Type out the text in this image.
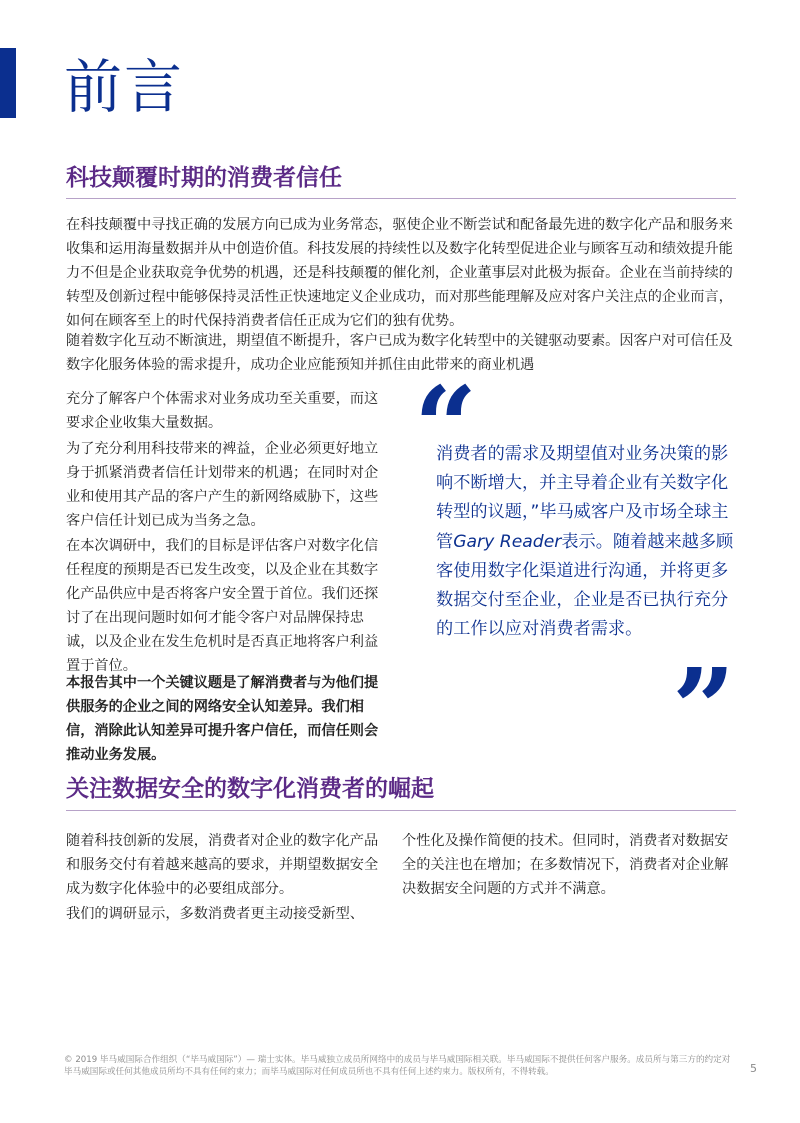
前言
科技颠覆时期的消费者信任

在科技颠覆中寻找正确的发展方向已成为业务常态，驱使企业不断尝试和配备最先进的数字化产品和服务来收集和运用海量数据并从中创造价值。科技发展的持续性以及数字化转型促进企业与顾客互动和绩效提升能力不但是企业获取竞争优势的机遇，还是科技颠覆的催化剂，企业董事层对此极为振奋。企业在当前持续的转型及创新过程中能够保持灵活性正快速地定义企业成功，而对那些能理解及应对客户关注点的企业而言，如何在顾客至上的时代保持消费者信任正成为它们的独有优势。

随着数字化互动不断演进，期望值不断提升，客户已成为数字化转型中的关键驱动要素。因客户对可信任及数字化服务体验的需求提升，成功企业应能预知并抓住由此带来的商业机遇

充分了解客户个体需求对业务成功至关重要，而这要求企业收集大量数据。

为了充分利用科技带来的裨益，企业必须更好地立身于抓紧消费者信任计划带来的机遇；在同时对企业和使用其产品的客户产生的新网络威胁下，这些客户信任计划已成为当务之急。

在本次调研中，我们的目标是评估客户对数字化信任程度的预期是否已发生改变，以及企业在其数字化产品供应中是否将客户安全置于首位。我们还探讨了在出现问题时如何才能令客户对品牌保持忠诚，以及企业在发生危机时是否真正地将客户利益置于首位。

本报告其中一个关键议题是了解消费者与为他们提供服务的企业之间的网络安全认知差异。我们相信，消除此认知差异可提升客户信任，而信任则会推动业务发展。

“

消费者的需求及期望值对业务决策的影响不断增大，并主导着企业有关数字化转型的议题，”毕马威客户及市场全球主管Gary Reader表示。随着越来越多顾客使用数字化渠道进行沟通，并将更多数据交付至企业，企业是否已执行充分的工作以应对消费者需求。

”
关注数据安全的数字化消费者的崛起

随着科技创新的发展，消费者对企业的数字化产品和服务交付有着越来越高的要求，并期望数据安全成为数字化体验中的必要组成部分。

我们的调研显示，多数消费者更主动接受新型、

个性化及操作简便的技术。但同时，消费者对数据安全的关注也在增加；在多数情况下，消费者对企业解决数据安全问题的方式并不满意。

© 2019 毕马威国际合作组织（“毕马威国际”）— 瑞士实体。毕马威独立成员所网络中的成员与毕马威国际相关联。毕马威国际不提供任何客户服务。成员所与第三方的约定对毕马威国际或任何其他成员所均不具有任何约束力；而毕马威国际对任何成员所也不具有任何上述约束力。版权所有，不得转载。	5
